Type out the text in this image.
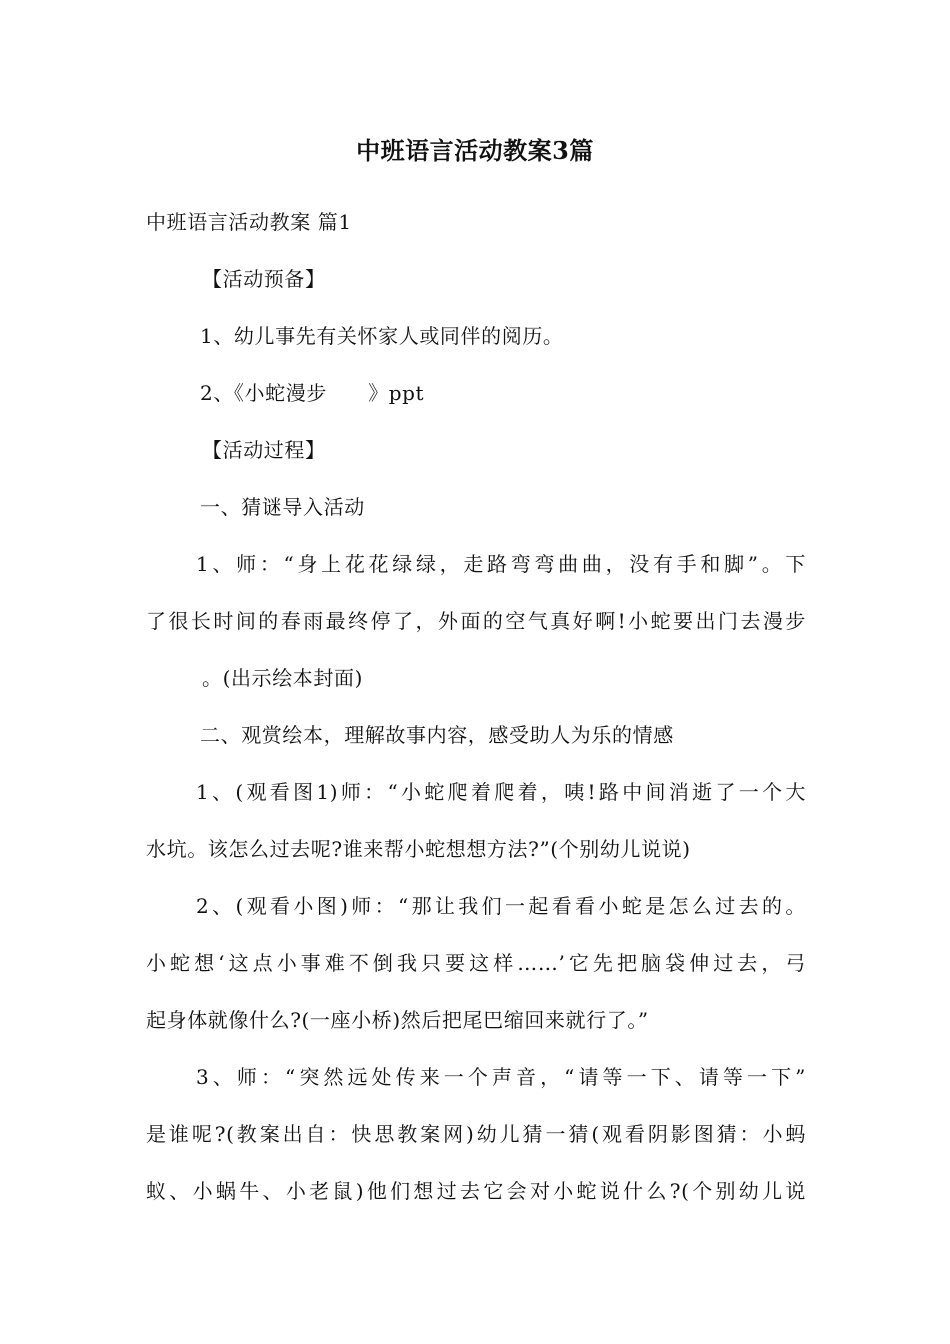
中班语言活动教案3篇
中班语言活动教案 篇1
【活动预备】
1、幼儿事先有关怀家人或同伴的阅历。
2、《小蛇漫步　　》ppt
【活动过程】
一、猜谜导入活动
1、师：“身上花花绿绿，走路弯弯曲曲，没有手和脚”。下
了很长时间的春雨最终停了，外面的空气真好啊!小蛇要出门去漫步
。(出示绘本封面)
二、观赏绘本，理解故事内容，感受助人为乐的情感
1、(观看图1)师：“小蛇爬着爬着，咦!路中间消逝了一个大
水坑。该怎么过去呢?谁来帮小蛇想想方法?”(个别幼儿说说)
2、(观看小图)师：“那让我们一起看看小蛇是怎么过去的。
小蛇想‘这点小事难不倒我只要这样……’它先把脑袋伸过去，弓
起身体就像什么?(一座小桥)然后把尾巴缩回来就行了。”
3、师：“突然远处传来一个声音，“请等一下、请等一下”
是谁呢?(教案出自：快思教案网)幼儿猜一猜(观看阴影图猜：小蚂
蚁、小蜗牛、小老鼠)他们想过去它会对小蛇说什么?(个别幼儿说
